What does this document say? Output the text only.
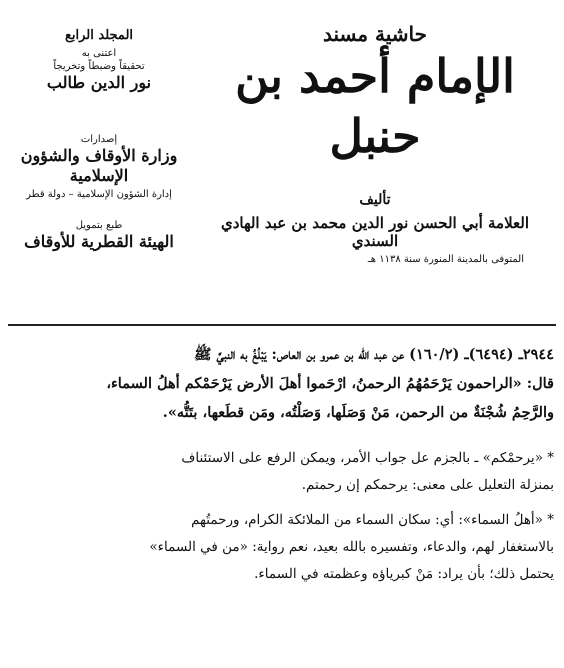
المجلد الرابع

اعتنى به

تحقيقاً وضبطاً وتخريجاً

نور الدين طالب

إصدارات

وزارة الأوقاف والشؤون الإسلامية

إدارة الشؤون الإسلامية – دولة قطر

طبع بتمويل

الهيئة القطرية للأوقاف

حاشية مسند

الإمام أحمد بن حنبل

تأليف

العلامة أبي الحسن نور الدين محمد بن عبد الهادي السندي

المتوفى بالمدينة المنورة سنة ١١٣٨ هـ

٢٩٤٤ـ (٦٤٩٤)ـ (١٦٠/٢) عن عبد الله بن عمرو بن العاص: يَبْلُغُ به النبيَّ ﷺ

قال: «الراحمون يَرْحَمُهُمُ الرحمنُ، ارْحَموا أهلَ الأرض يَرْحَمْكم أهلُ السماء،

والرَّحِمُ شُجْنَةٌ من الرحمن، مَنْ وَصَلَها، وَصَلْتُه، ومَن قطَعها، بتَتُّه».

* «يرحمْكم» ـ بالجزم عل جواب الأمر، ويمكن الرفع على الاستئناف

بمنزلة التعليل على معنى: يرحمكم إن رحمتم.

* «أهلُ السماء»: أي: سكان السماء من الملائكة الكرام، ورحمتُهم

بالاستغفار لهم، والدعاء، وتفسيره بالله بعيد، نعم رواية: «من في السماء»

يحتمل ذلك؛ بأن يراد: مَنْ كبرياؤه وعظمته في السماء.
